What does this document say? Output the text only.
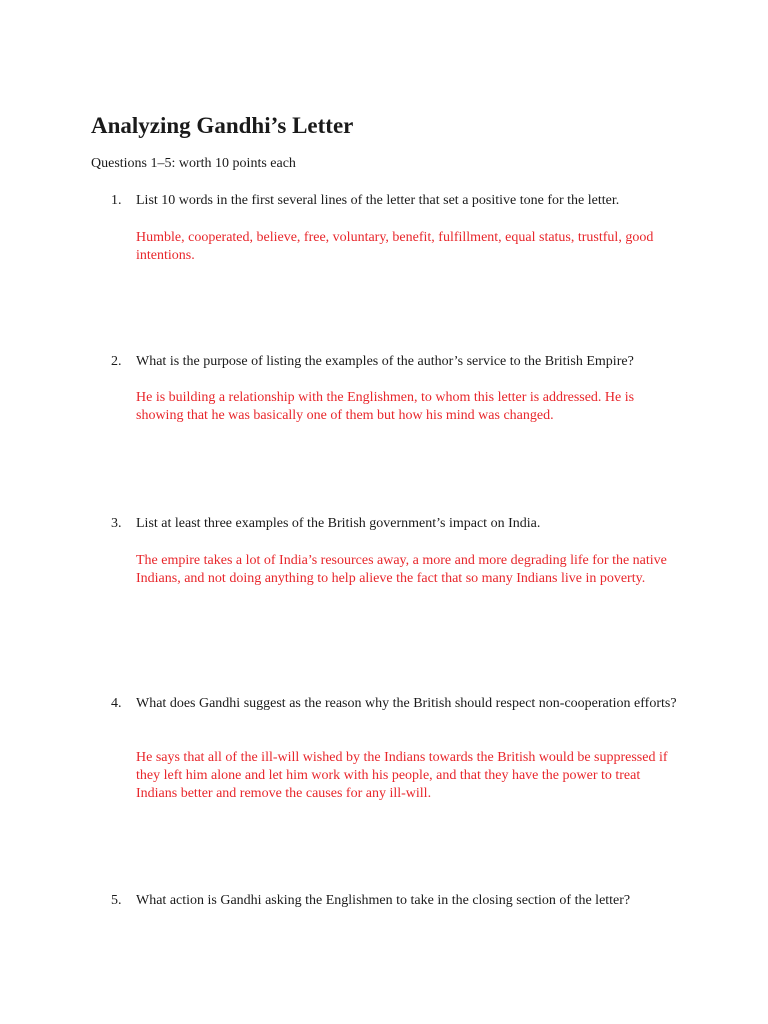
Analyzing Gandhi’s Letter
Questions 1–5: worth 10 points each
1. List 10 words in the first several lines of the letter that set a positive tone for the letter.
Humble, cooperated, believe, free, voluntary, benefit, fulfillment, equal status, trustful, good intentions.
2. What is the purpose of listing the examples of the author’s service to the British Empire?
He is building a relationship with the Englishmen, to whom this letter is addressed. He is showing that he was basically one of them but how his mind was changed.
3. List at least three examples of the British government’s impact on India.
The empire takes a lot of India’s resources away, a more and more degrading life for the native Indians, and not doing anything to help alieve the fact that so many Indians live in poverty.
4. What does Gandhi suggest as the reason why the British should respect non-cooperation efforts?
He says that all of the ill-will wished by the Indians towards the British would be suppressed if they left him alone and let him work with his people, and that they have the power to treat Indians better and remove the causes for any ill-will.
5. What action is Gandhi asking the Englishmen to take in the closing section of the letter?
